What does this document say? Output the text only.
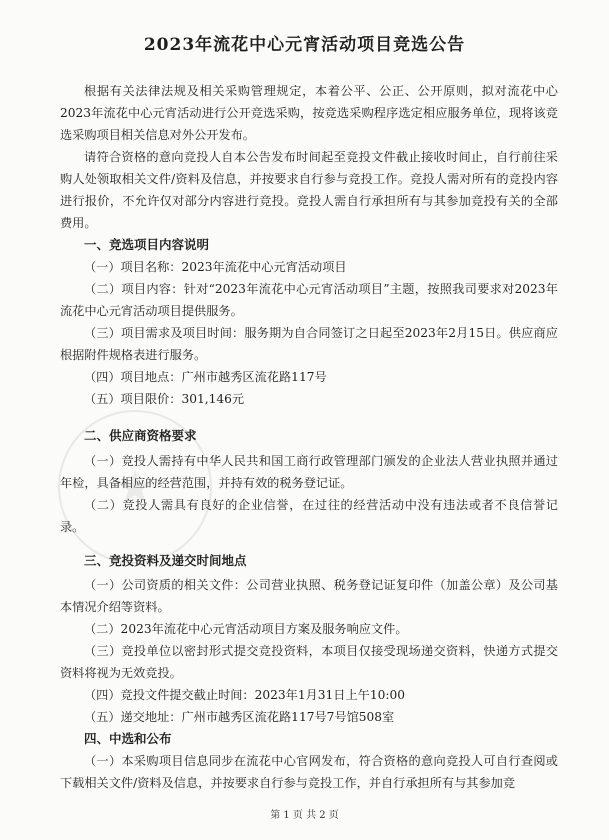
★
2023年流花中心元宵活动项目竞选公告

根据有关法律法规及相关采购管理规定，本着公平、公正、公开原则，拟对流花中心2023年流花中心元宵活动进行公开竞选采购，按竞选采购程序选定相应服务单位，现将该竞选采购项目相关信息对外公开发布。

请符合资格的意向竞投人自本公告发布时间起至竞投文件截止接收时间止，自行前往采购人处领取相关文件/资料及信息，并按要求自行参与竞投工作。竞投人需对所有的竞投内容进行报价，不允许仅对部分内容进行竞投。竞投人需自行承担所有与其参加竞投有关的全部费用。

一、竞选项目内容说明

（一）项目名称：2023年流花中心元宵活动项目

（二）项目内容：针对“2023年流花中心元宵活动项目”主题，按照我司要求对2023年流花中心元宵活动项目提供服务。

（三）项目需求及项目时间：服务期为自合同签订之日起至2023年2月15日。供应商应根据附件规格表进行服务。

（四）项目地点：广州市越秀区流花路117号

（五）项目限价：301,146元

二、供应商资格要求

（一）竞投人需持有中华人民共和国工商行政管理部门颁发的企业法人营业执照并通过年检，具备相应的经营范围，并持有效的税务登记证。

（二）竞投人需具有良好的企业信誉，在过往的经营活动中没有违法或者不良信誉记录。

三、竞投资料及递交时间地点

（一）公司资质的相关文件：公司营业执照、税务登记证复印件（加盖公章）及公司基本情况介绍等资料。

（二）2023年流花中心元宵活动项目方案及服务响应文件。

（三）竞投单位以密封形式提交竞投资料，本项目仅接受现场递交资料，快递方式提交资料将视为无效竞投。

（四）竞投文件提交截止时间：2023年1月31日上午10:00

（五）递交地址：广州市越秀区流花路117号7号馆508室

四、中选和公布

（一）本采购项目信息同步在流花中心官网发布，符合资格的意向竞投人可自行查阅或下载相关文件/资料及信息，并按要求自行参与竞投工作，并自行承担所有与其参加竞

第 1 页 共 2 页
